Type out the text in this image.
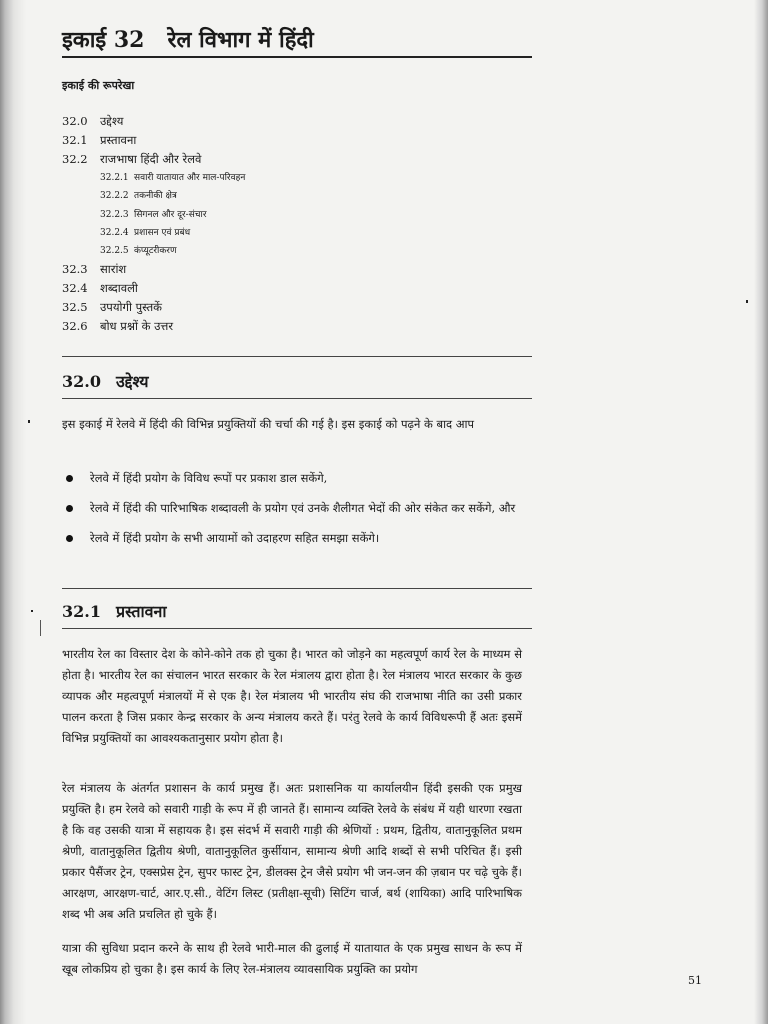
इकाई 32 रेल विभाग में हिंदी
इकाई की रूपरेखा
32.0	उद्देश्य
32.1	प्रस्तावना
32.2	राजभाषा हिंदी और रेलवे
32.2.1 सवारी यातायात और माल-परिवहन
32.2.2 तकनीकी क्षेत्र
32.2.3 सिगनल और दूर-संचार
32.2.4 प्रशासन एवं प्रबंध
32.2.5 कंप्यूटरीकरण
32.3	सारांश
32.4	शब्दावली
32.5	उपयोगी पुस्तकें
32.6	बोध प्रश्नों के उत्तर
32.0 उद्देश्य

इस इकाई में रेलवे में हिंदी की विभिन्न प्रयुक्तियों की चर्चा की गई है। इस इकाई को पढ़ने के बाद आप

रेलवे में हिंदी प्रयोग के विविध रूपों पर प्रकाश डाल सकेंगे,
रेलवे में हिंदी की पारिभाषिक शब्दावली के प्रयोग एवं उनके शैलीगत भेदों की ओर संकेत कर सकेंगे, और
रेलवे में हिंदी प्रयोग के सभी आयामों को उदाहरण सहित समझा सकेंगे।
32.1 प्रस्तावना

भारतीय रेल का विस्तार देश के कोने-कोने तक हो चुका है। भारत को जोड़ने का महत्वपूर्ण कार्य रेल के माध्यम से होता है। भारतीय रेल का संचालन भारत सरकार के रेल मंत्रालय द्वारा होता है। रेल मंत्रालय भारत सरकार के कुछ व्यापक और महत्वपूर्ण मंत्रालयों में से एक है। रेल मंत्रालय भी भारतीय संघ की राजभाषा नीति का उसी प्रकार पालन करता है जिस प्रकार केन्द्र सरकार के अन्य मंत्रालय करते हैं। परंतु रेलवे के कार्य विविधरूपी हैं अतः इसमें विभिन्न प्रयुक्तियों का आवश्यकतानुसार प्रयोग होता है।

रेल मंत्रालय के अंतर्गत प्रशासन के कार्य प्रमुख हैं। अतः प्रशासनिक या कार्यालयीन हिंदी इसकी एक प्रमुख प्रयुक्ति है। हम रेलवे को सवारी गाड़ी के रूप में ही जानते हैं। सामान्य व्यक्ति रेलवे के संबंध में यही धारणा रखता है कि वह उसकी यात्रा में सहायक है। इस संदर्भ में सवारी गाड़ी की श्रेणियों : प्रथम, द्वितीय, वातानुकूलित प्रथम श्रेणी, वातानुकूलित द्वितीय श्रेणी, वातानुकूलित कुर्सीयान, सामान्य श्रेणी आदि शब्दों से सभी परिचित हैं। इसी प्रकार पैसैंजर ट्रेन, एक्सप्रेस ट्रेन, सुपर फास्ट ट्रेन, डीलक्स ट्रेन जैसे प्रयोग भी जन-जन की ज़बान पर चढ़े चुके हैं। आरक्षण, आरक्षण-चार्ट, आर.ए.सी., वेटिंग लिस्ट (प्रतीक्षा-सूची) सिटिंग चार्ज, बर्थ (शायिका) आदि पारिभाषिक शब्द भी अब अति प्रचलित हो चुके हैं।

यात्रा की सुविधा प्रदान करने के साथ ही रेलवे भारी-माल की ढुलाई में यातायात के एक प्रमुख साधन के रूप में खूब लोकप्रिय हो चुका है। इस कार्य के लिए रेल-मंत्रालय व्यावसायिक प्रयुक्ति का प्रयोग

51
